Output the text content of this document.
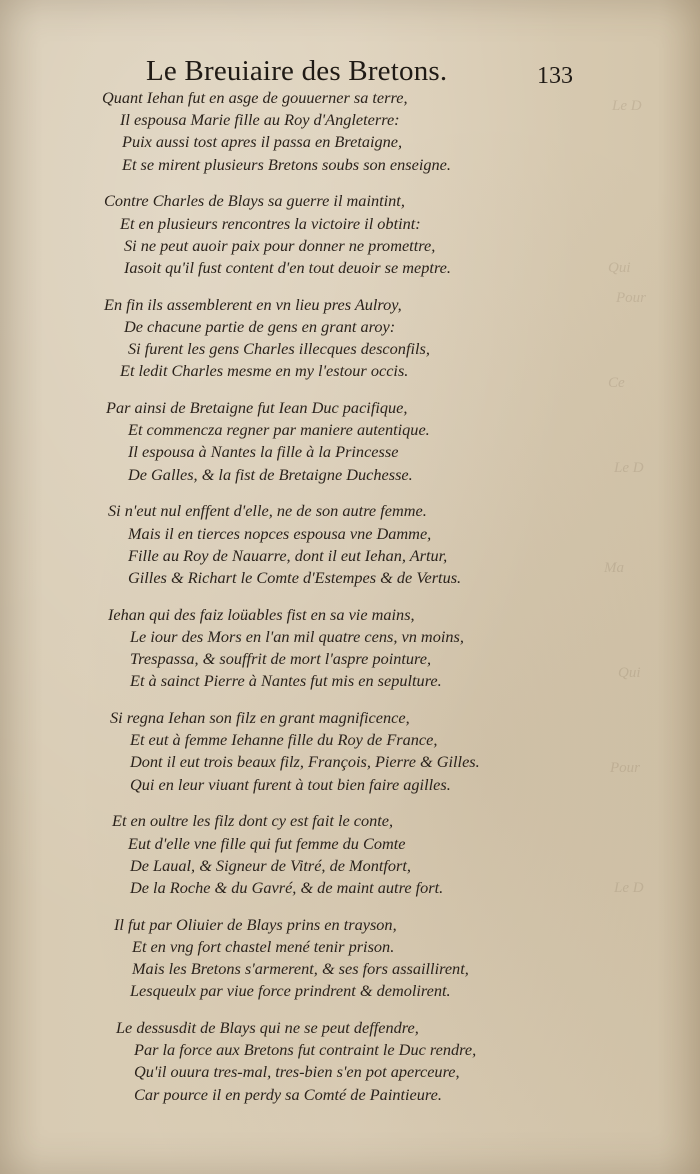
Le D
Qui
Pour
Ce
Le D
Ma
Qui
Pour
Le D
Le Breuiaire des Bretons.	133
Quant Iehan fut en asge de gouuerner sa terre,
Il espousa Marie fille au Roy d'Angleterre:
Puix aussi tost apres il passa en Bretaigne,
Et se mirent plusieurs Bretons soubs son enseigne.
Contre Charles de Blays sa guerre il maintint,
Et en plusieurs rencontres la victoire il obtint:
Si ne peut auoir paix pour donner ne promettre,
Iasoit qu'il fust content d'en tout deuoir se meptre.
En fin ils assemblerent en vn lieu pres Aulroy,
De chacune partie de gens en grant aroy:
Si furent les gens Charles illecques desconfils,
Et ledit Charles mesme en my l'estour occis.
Par ainsi de Bretaigne fut Iean Duc pacifique,
Et commencza regner par maniere autentique.
Il espousa à Nantes la fille à la Princesse
De Galles, & la fist de Bretaigne Duchesse.
Si n'eut nul enffent d'elle, ne de son autre femme.
Mais il en tierces nopces espousa vne Damme,
Fille au Roy de Nauarre, dont il eut Iehan, Artur,
Gilles & Richart le Comte d'Estempes & de Vertus.
Iehan qui des faiz loüables fist en sa vie mains,
Le iour des Mors en l'an mil quatre cens, vn moins,
Trespassa, & souffrit de mort l'aspre pointure,
Et à sainct Pierre à Nantes fut mis en sepulture.
Si regna Iehan son filz en grant magnificence,
Et eut à femme Iehanne fille du Roy de France,
Dont il eut trois beaux filz, François, Pierre & Gilles.
Qui en leur viuant furent à tout bien faire agilles.
Et en oultre les filz dont cy est fait le conte,
Eut d'elle vne fille qui fut femme du Comte
De Laual, & Signeur de Vitré, de Montfort,
De la Roche & du Gavré, & de maint autre fort.
Il fut par Oliuier de Blays prins en trayson,
Et en vng fort chastel mené tenir prison.
Mais les Bretons s'armerent, & ses fors assaillirent,
Lesqueulx par viue force prindrent & demolirent.
Le dessusdit de Blays qui ne se peut deffendre,
Par la force aux Bretons fut contraint le Duc rendre,
Qu'il ouura tres-mal, tres-bien s'en pot aperceure,
Car pource il en perdy sa Comté de Paintieure.
